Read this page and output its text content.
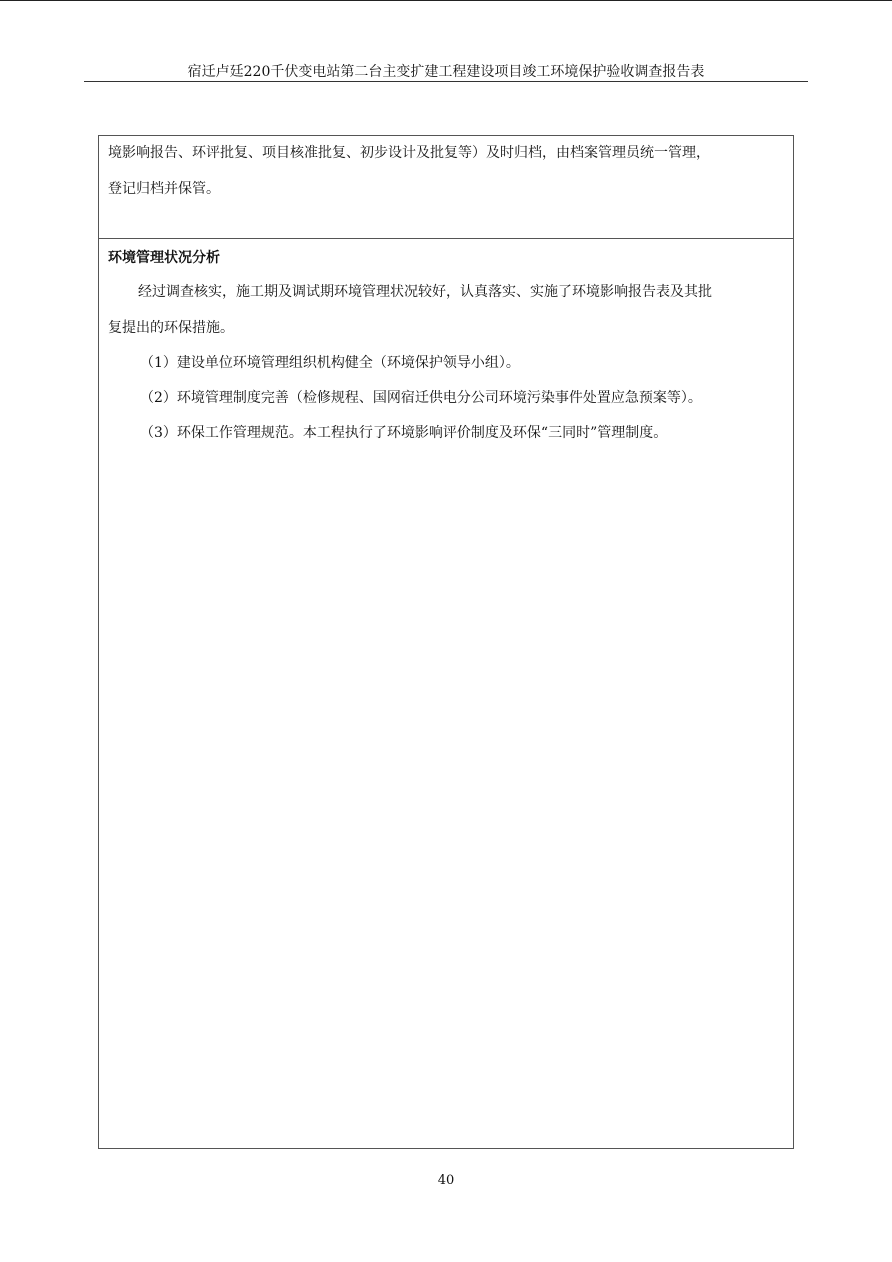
宿迁卢廷220千伏变电站第二台主变扩建工程建设项目竣工环境保护验收调查报告表
境影响报告、环评批复、项目核准批复、初步设计及批复等）及时归档，由档案管理员统一管理，
登记归档并保管。
环境管理状况分析
经过调查核实，施工期及调试期环境管理状况较好，认真落实、实施了环境影响报告表及其批
复提出的环保措施。
（1）建设单位环境管理组织机构健全（环境保护领导小组）。
（2）环境管理制度完善（检修规程、国网宿迁供电分公司环境污染事件处置应急预案等）。
（3）环保工作管理规范。本工程执行了环境影响评价制度及环保“三同时”管理制度。
40
